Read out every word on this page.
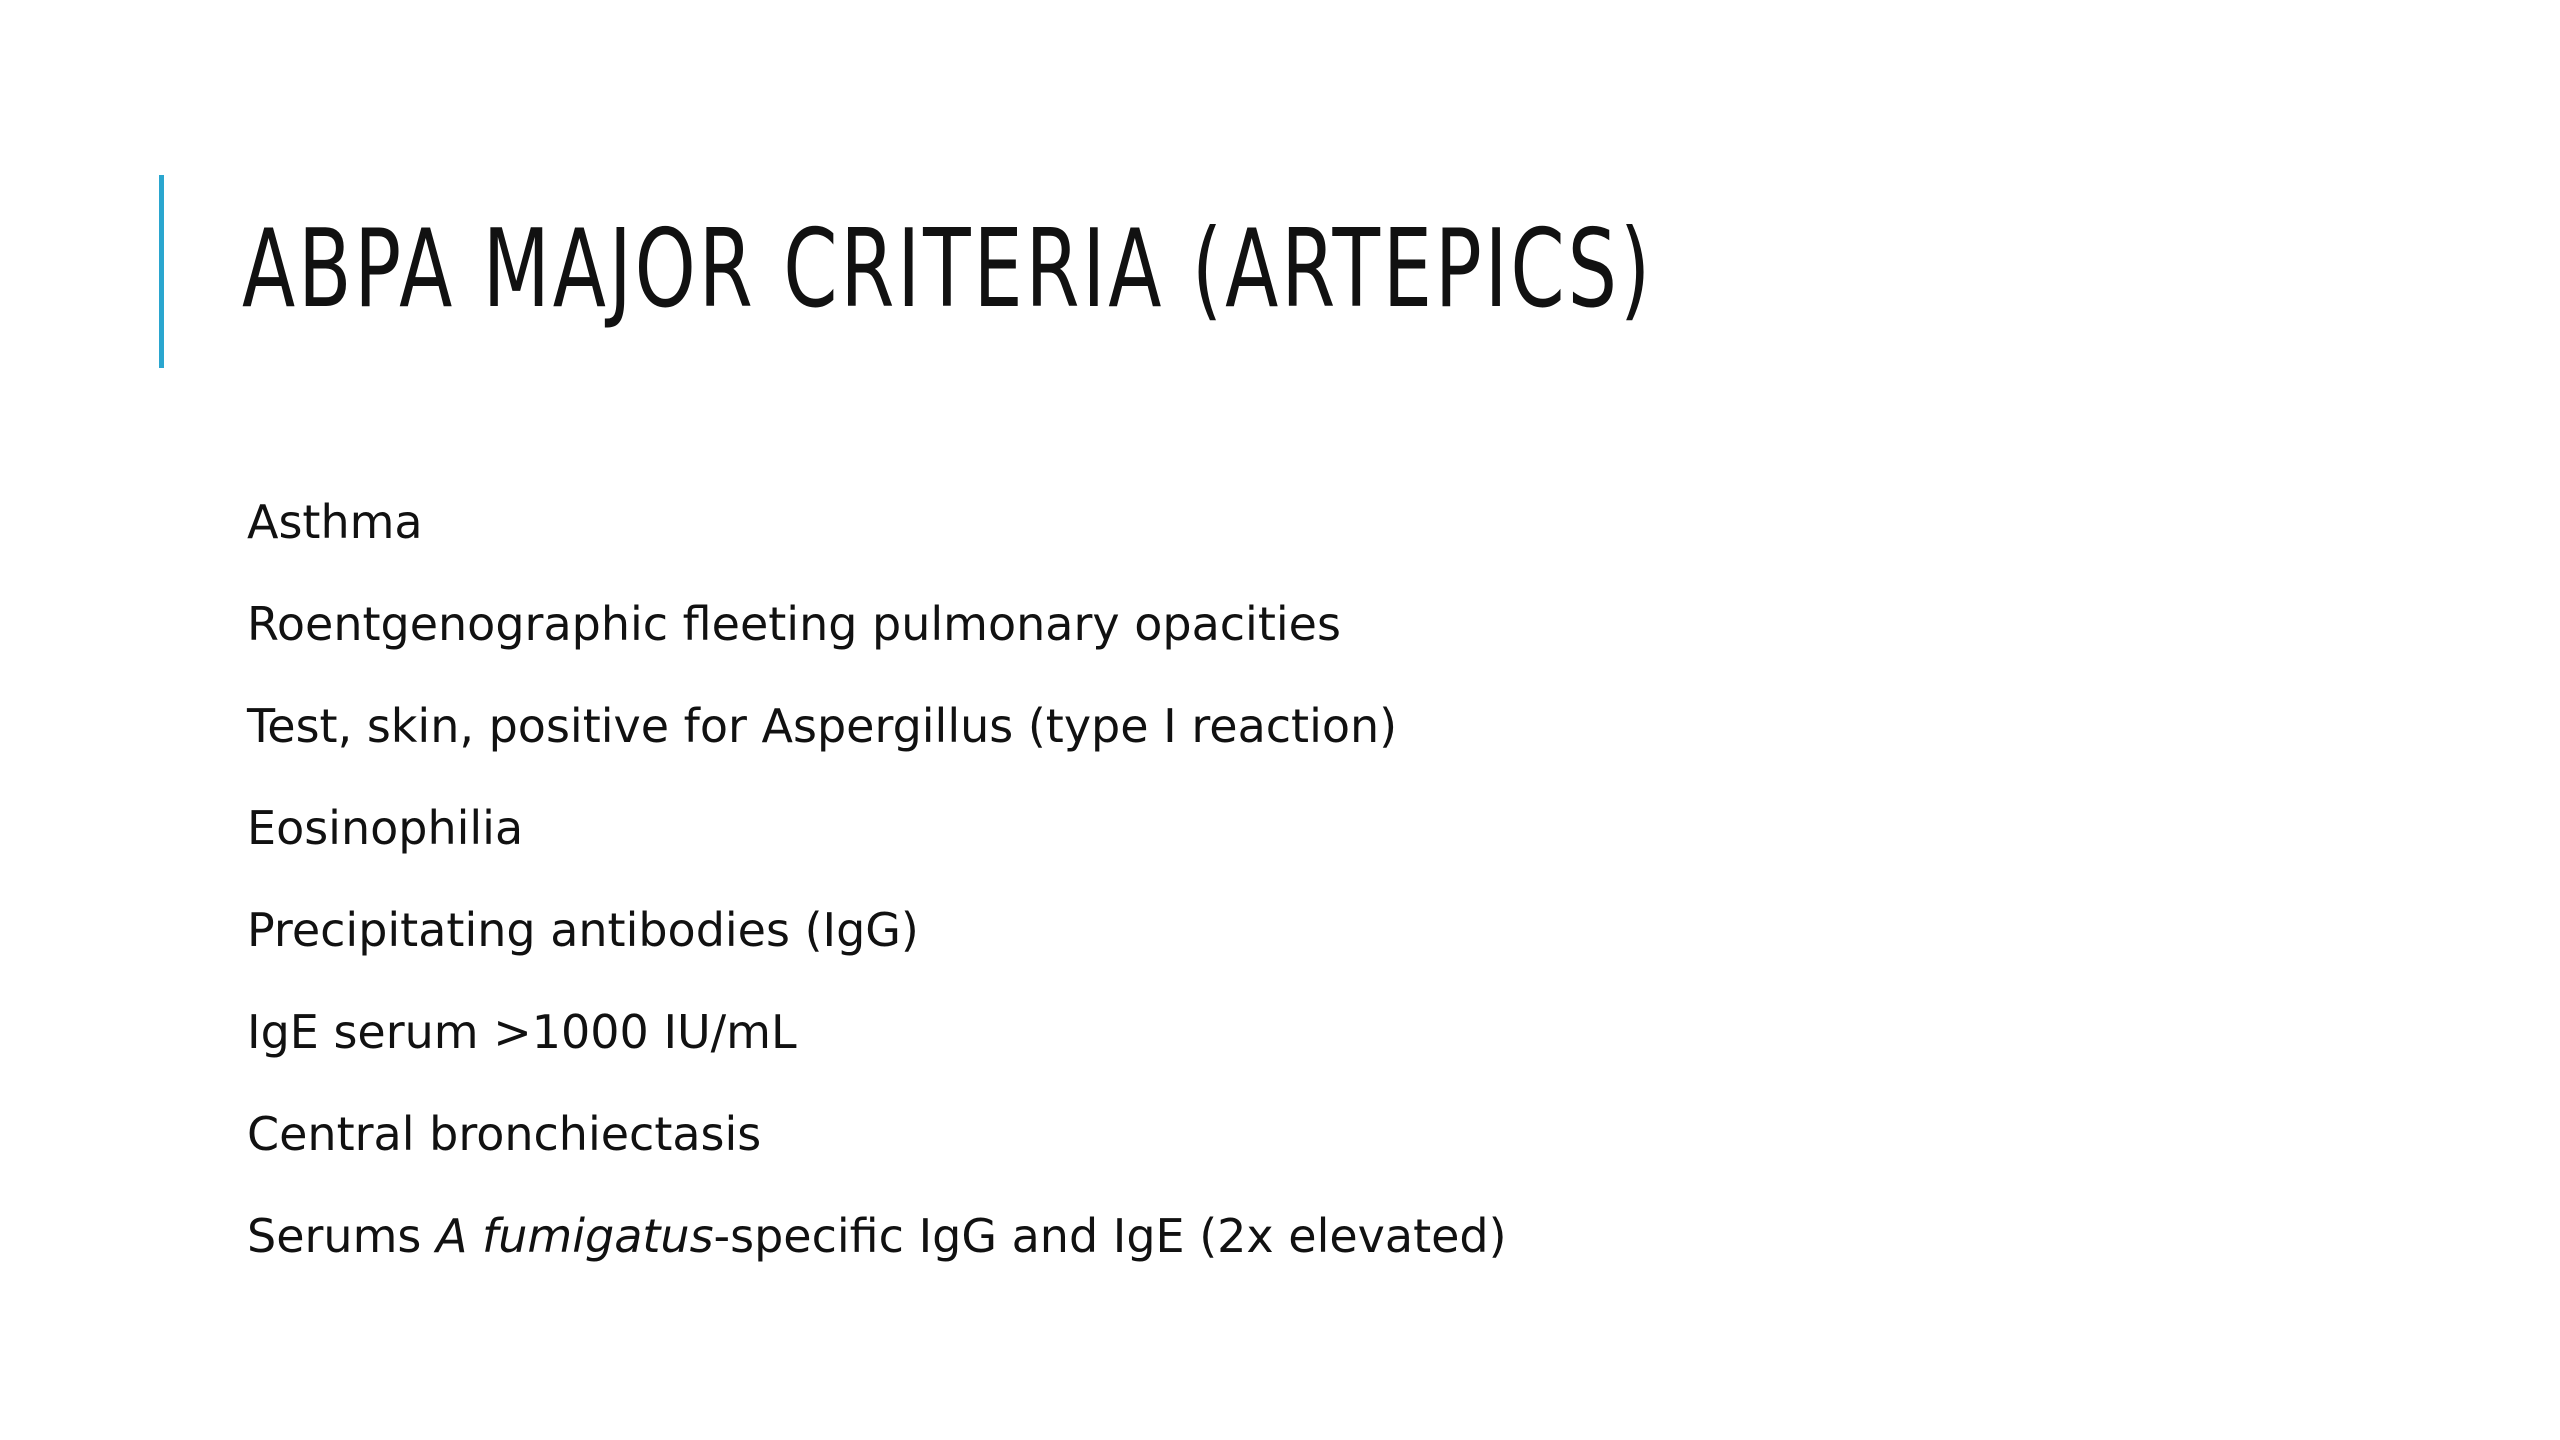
ABPA MAJOR CRITERIA (ARTEPICS)
Asthma
Roentgenographic fleeting pulmonary opacities
Test, skin, positive for Aspergillus (type I reaction)
Eosinophilia
Precipitating antibodies (IgG)
IgE serum >1000 IU/mL
Central bronchiectasis
Serums A fumigatus-specific IgG and IgE (2x elevated)
